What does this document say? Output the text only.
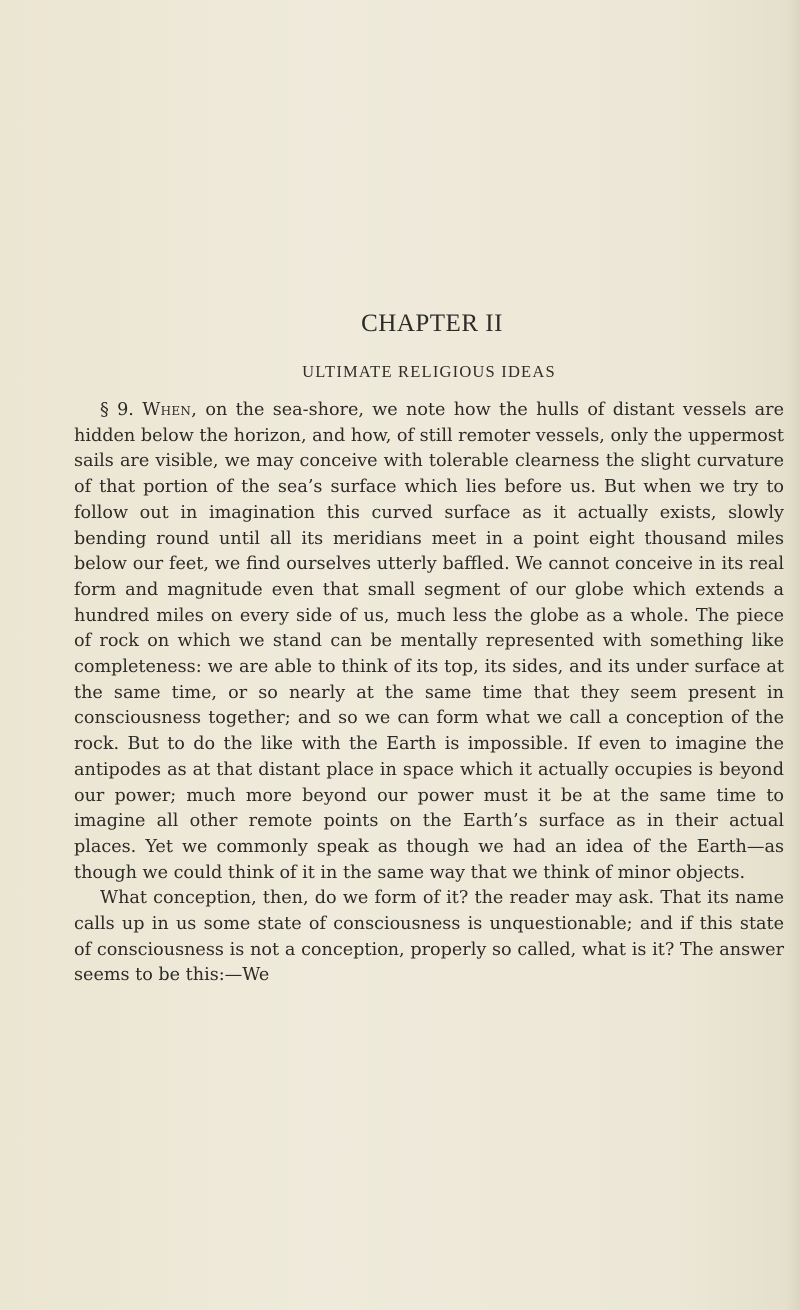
CHAPTER II
ULTIMATE RELIGIOUS IDEAS

§ 9. When, on the sea-shore, we note how the hulls of distant vessels are hidden below the horizon, and how, of still remoter vessels, only the uppermost sails are visible, we may conceive with tolerable clearness the slight curvature of that portion of the sea’s surface which lies before us. But when we try to follow out in imagination this curved surface as it actually exists, slowly bending round until all its meridians meet in a point eight thousand miles below our feet, we find ourselves utterly baffled. We cannot conceive in its real form and magnitude even that small segment of our globe which extends a hundred miles on every side of us, much less the globe as a whole. The piece of rock on which we stand can be mentally represented with something like completeness: we are able to think of its top, its sides, and its under surface at the same time, or so nearly at the same time that they seem present in consciousness together; and so we can form what we call a conception of the rock. But to do the like with the Earth is impossible. If even to imagine the antipodes as at that distant place in space which it actually occupies is beyond our power; much more beyond our power must it be at the same time to imagine all other remote points on the Earth’s surface as in their actual places. Yet we commonly speak as though we had an idea of the Earth—as though we could think of it in the same way that we think of minor objects.

What conception, then, do we form of it? the reader may ask. That its name calls up in us some state of consciousness is unquestionable; and if this state of consciousness is not a conception, properly so called, what is it? The answer seems to be this:—We
